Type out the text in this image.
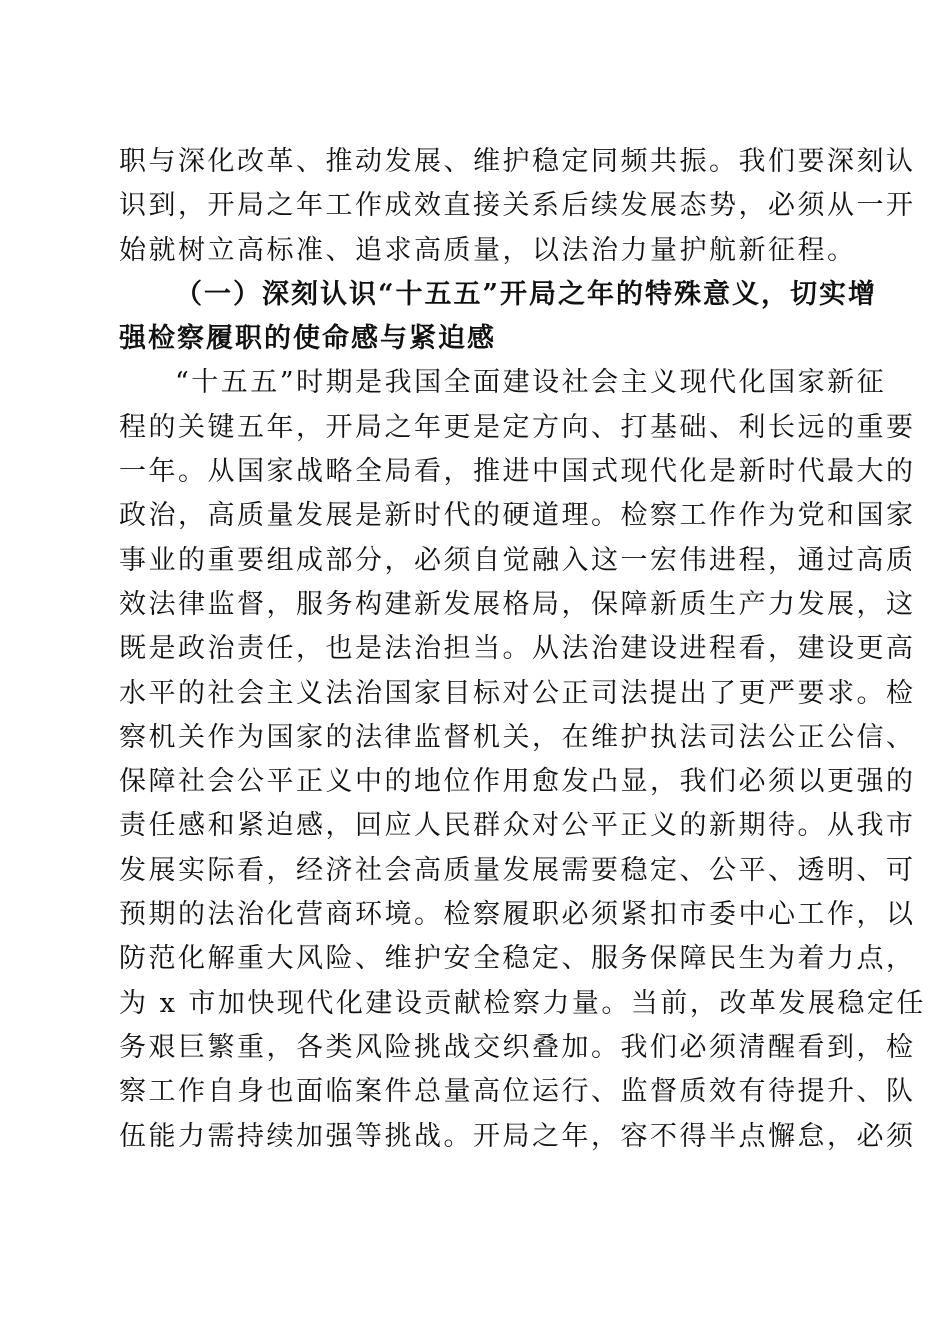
职与深化改革、推动发展、维护稳定同频共振。我们要深刻认
识到，开局之年工作成效直接关系后续发展态势，必须从一开
始就树立高标准、追求高质量，以法治力量护航新征程。
（一）深刻认识“十五五”开局之年的特殊意义，切实增
强检察履职的使命感与紧迫感
“十五五”时期是我国全面建设社会主义现代化国家新征
程的关键五年，开局之年更是定方向、打基础、利长远的重要
一年。从国家战略全局看，推进中国式现代化是新时代最大的
政治，高质量发展是新时代的硬道理。检察工作作为党和国家
事业的重要组成部分，必须自觉融入这一宏伟进程，通过高质
效法律监督，服务构建新发展格局，保障新质生产力发展，这
既是政治责任，也是法治担当。从法治建设进程看，建设更高
水平的社会主义法治国家目标对公正司法提出了更严要求。检
察机关作为国家的法律监督机关，在维护执法司法公正公信、
保障社会公平正义中的地位作用愈发凸显，我们必须以更强的
责任感和紧迫感，回应人民群众对公平正义的新期待。从我市
发展实际看，经济社会高质量发展需要稳定、公平、透明、可
预期的法治化营商环境。检察履职必须紧扣市委中心工作，以
防范化解重大风险、维护安全稳定、服务保障民生为着力点，
为 x 市加快现代化建设贡献检察力量。当前，改革发展稳定任
务艰巨繁重，各类风险挑战交织叠加。我们必须清醒看到，检
察工作自身也面临案件总量高位运行、监督质效有待提升、队
伍能力需持续加强等挑战。开局之年，容不得半点懈怠，必须
